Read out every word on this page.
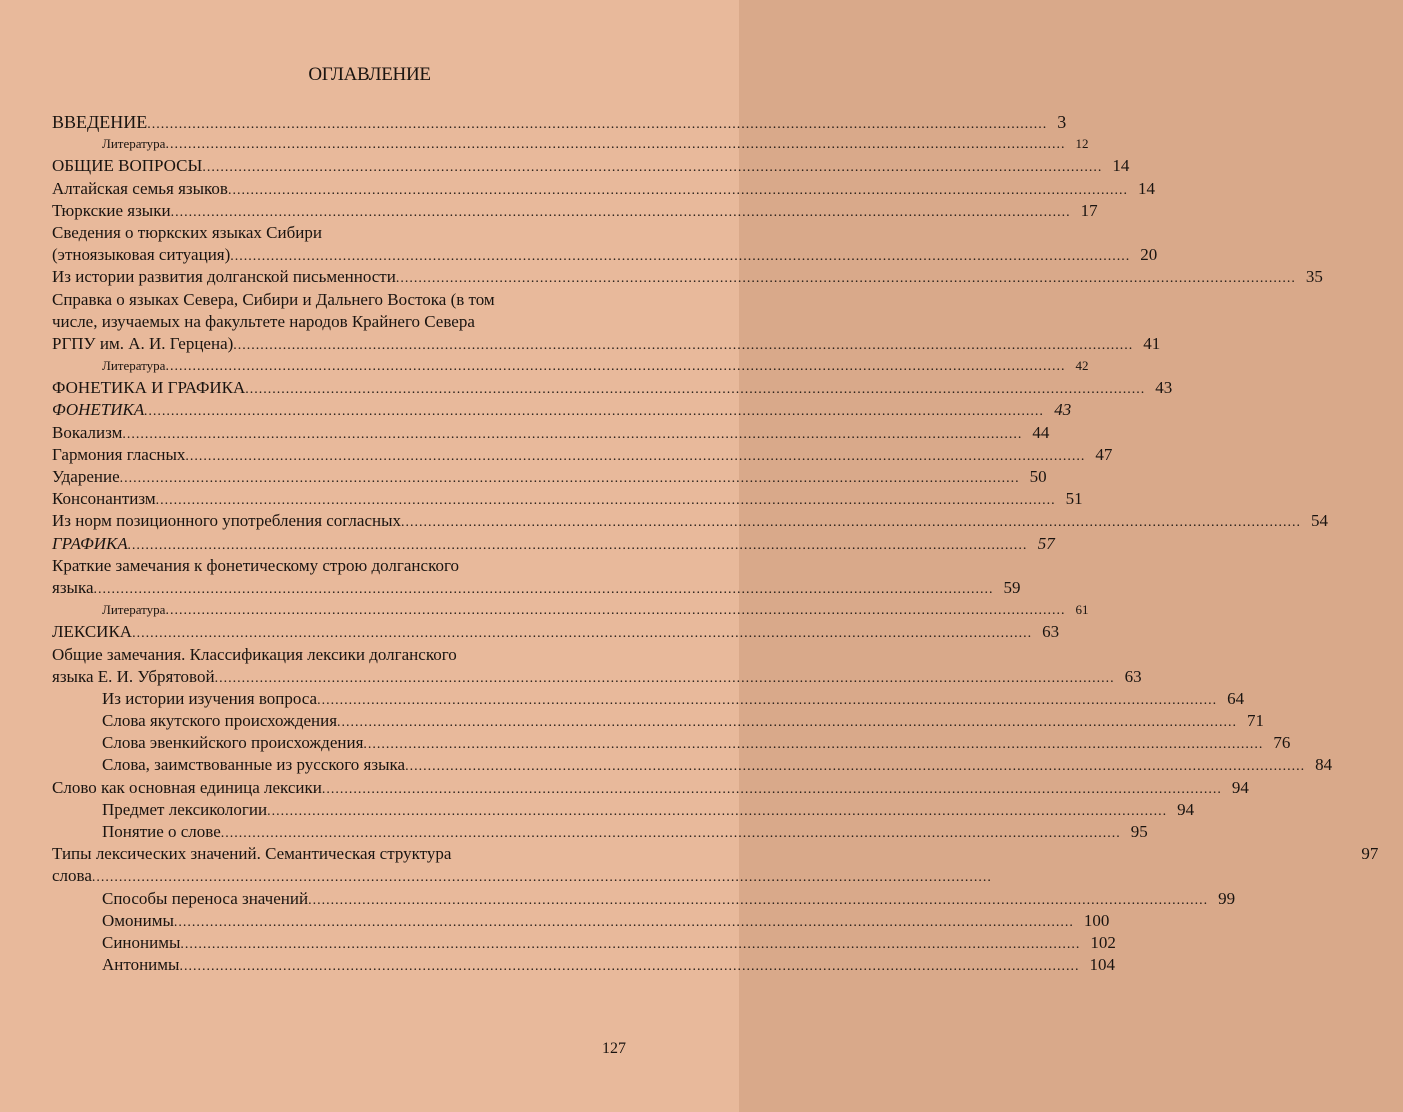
ОГЛАВЛЕНИЕ
ВВЕДЕНИЕ ........................................................................................................................................................................................................ 3
Литература ........................................................................................................................................................................................................ 12
ОБЩИЕ ВОПРОСЫ ........................................................................................................................................................................................................ 14
Алтайская семья языков ........................................................................................................................................................................................................ 14
Тюркские языки ........................................................................................................................................................................................................ 17
Сведения о тюркских языках Сибири
(этноязыковая ситуация) ........................................................................................................................................................................................................ 20
Из истории развития долганской письменности ........................................................................................................................................................................................................ 35
Справка о языках Севера, Сибири и Дальнего Востока (в том
числе, изучаемых на факультете народов Крайнего Севера
РГПУ им. А. И. Герцена) ........................................................................................................................................................................................................ 41
Литература ........................................................................................................................................................................................................ 42
ФОНЕТИКА И ГРАФИКА ........................................................................................................................................................................................................ 43
ФОНЕТИКА ........................................................................................................................................................................................................ 43
Вокализм ........................................................................................................................................................................................................ 44
Гармония гласных ........................................................................................................................................................................................................ 47
Ударение ........................................................................................................................................................................................................ 50
Консонантизм ........................................................................................................................................................................................................ 51
Из норм позиционного употребления согласных ........................................................................................................................................................................................................ 54
ГРАФИКА ........................................................................................................................................................................................................ 57
Краткие замечания к фонетическому строю долганского
языка ........................................................................................................................................................................................................ 59
Литература ........................................................................................................................................................................................................ 61
ЛЕКСИКА ........................................................................................................................................................................................................ 63
Общие замечания. Классификация лексики долганского
языка Е. И. Убрятовой ........................................................................................................................................................................................................ 63
Из истории изучения вопроса ........................................................................................................................................................................................................ 64
Слова якутского происхождения ........................................................................................................................................................................................................ 71
Слова эвенкийского происхождения ........................................................................................................................................................................................................ 76
Слова, заимствованные из русского языка ........................................................................................................................................................................................................ 84
Слово как основная единица лексики ........................................................................................................................................................................................................ 94
Предмет лексикологии ........................................................................................................................................................................................................ 94
Понятие о слове ........................................................................................................................................................................................................ 95
Типы лексических значений. Семантическая структура	97
слова ........................................................................................................................................................................................................
Способы переноса значений ........................................................................................................................................................................................................ 99
Омонимы ........................................................................................................................................................................................................ 100
Синонимы ........................................................................................................................................................................................................ 102
Антонимы ........................................................................................................................................................................................................ 104
127
